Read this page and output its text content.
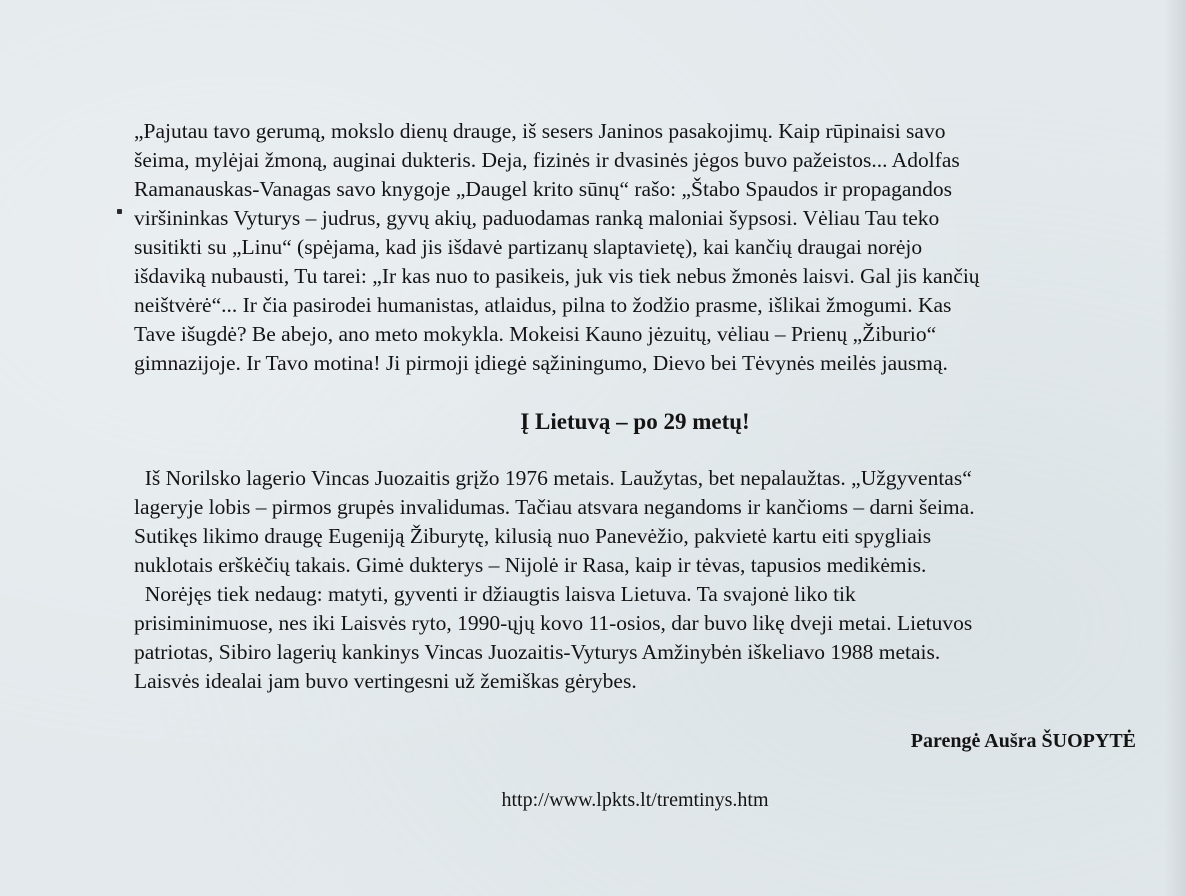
„Pajutau tavo gerumą, mokslo dienų drauge, iš sesers Janinos pasakojimų. Kaip rūpinaisi savo
šeima, mylėjai žmoną, auginai dukteris. Deja, fizinės ir dvasinės jėgos buvo pažeistos... Adolfas
Ramanauskas-Vanagas savo knygoje „Daugel krito sūnų“ rašo: „Štabo Spaudos ir propagandos
viršininkas Vyturys – judrus, gyvų akių, paduodamas ranką maloniai šypsosi. Vėliau Tau teko
susitikti su „Linu“ (spėjama, kad jis išdavė partizanų slaptavietę), kai kančių draugai norėjo
išdaviką nubausti, Tu tarei: „Ir kas nuo to pasikeis, juk vis tiek nebus žmonės laisvi. Gal jis kančių
neištvėrė“... Ir čia pasirodei humanistas, atlaidus, pilna to žodžio prasme, išlikai žmogumi. Kas
Tave išugdė? Be abejo, ano meto mokykla. Mokeisi Kauno jėzuitų, vėliau – Prienų „Žiburio“
gimnazijoje. Ir Tavo motina! Ji pirmoji įdiegė sąžiningumo, Dievo bei Tėvynės meilės jausmą.
Į Lietuvą – po 29 metų!
Iš Norilsko lagerio Vincas Juozaitis grįžo 1976 metais. Laužytas, bet nepalaužtas. „Užgyventas“
lageryje lobis – pirmos grupės invalidumas. Tačiau atsvara negandoms ir kančioms – darni šeima.
Sutikęs likimo draugę Eugeniją Žiburytę, kilusią nuo Panevėžio, pakvietė kartu eiti spygliais
nuklotais erškėčių takais. Gimė dukterys – Nijolė ir Rasa, kaip ir tėvas, tapusios medikėmis.
Norėjęs tiek nedaug: matyti, gyventi ir džiaugtis laisva Lietuva. Ta svajonė liko tik
prisiminimuose, nes iki Laisvės ryto, 1990-ųjų kovo 11-osios, dar buvo likę dveji metai. Lietuvos
patriotas, Sibiro lagerių kankinys Vincas Juozaitis-Vyturys Amžinybėn iškeliavo 1988 metais.
Laisvės idealai jam buvo vertingesni už žemiškas gėrybes.
Parengė Aušra ŠUOPYTĖ
http://www.lpkts.lt/tremtinys.htm
